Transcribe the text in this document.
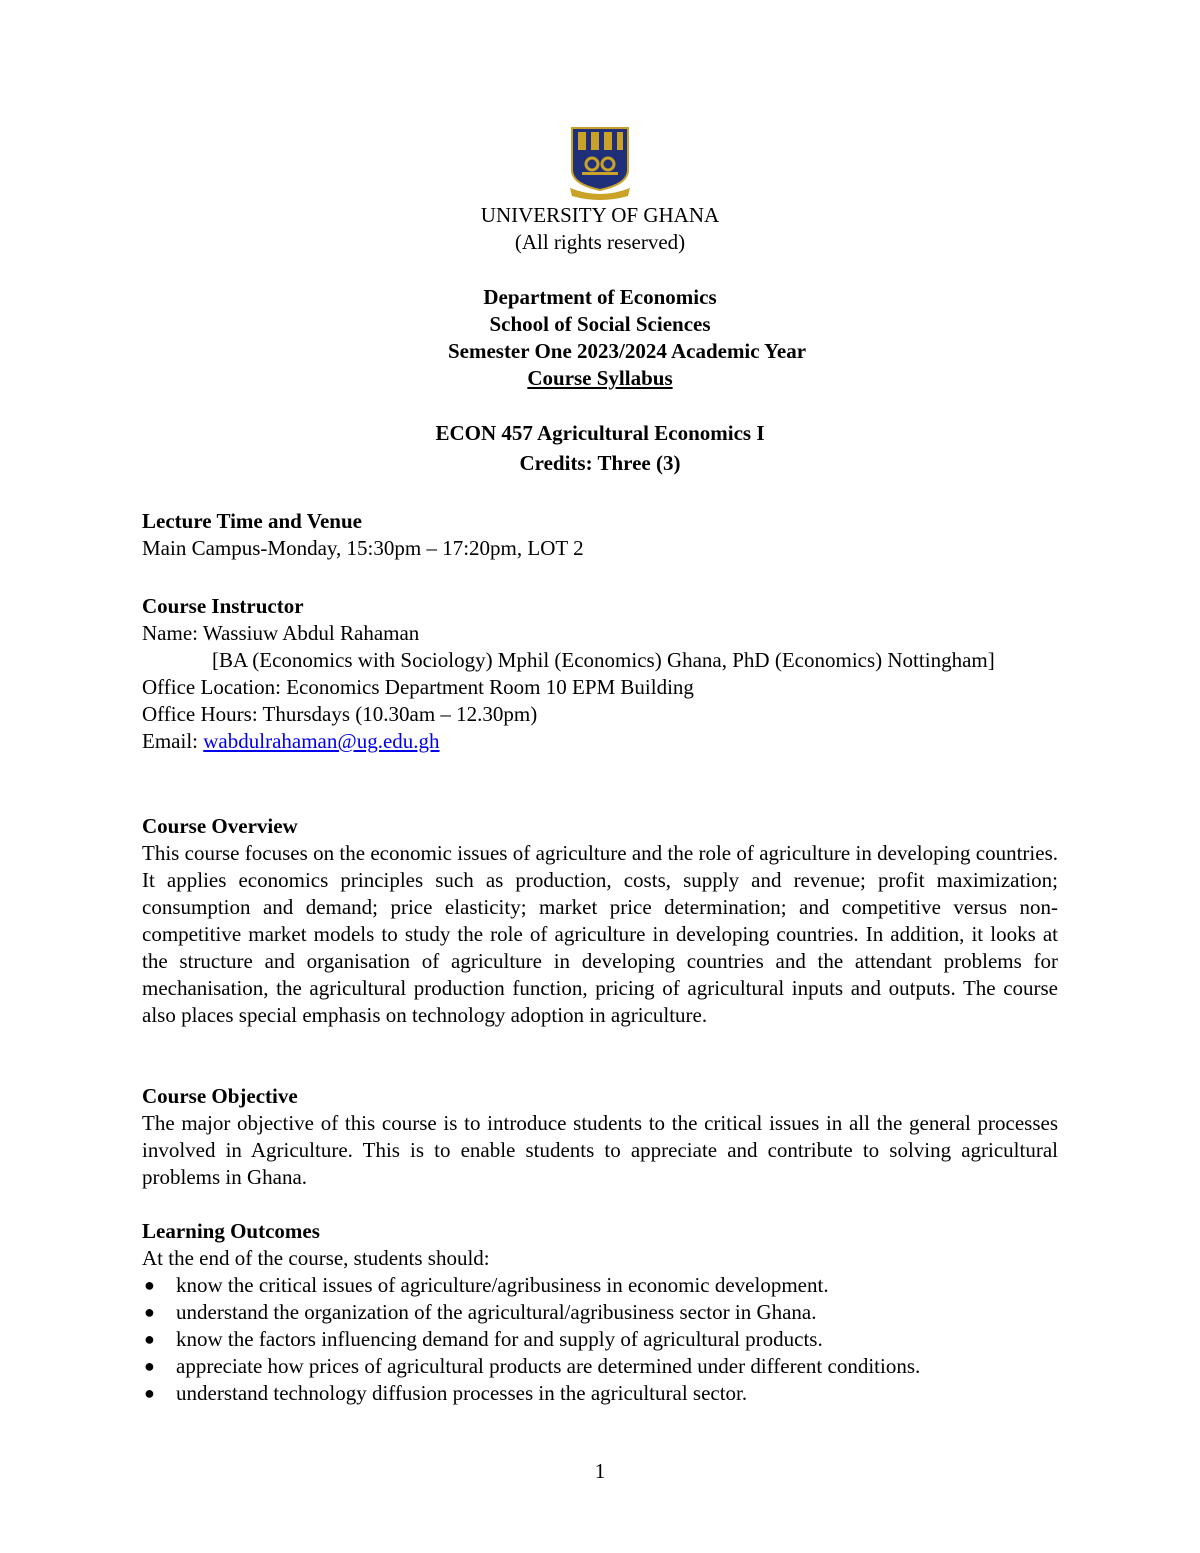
UNIVERSITY OF GHANA
(All rights reserved)
Department of Economics
School of Social Sciences
Semester One 2023/2024 Academic Year
Course Syllabus
ECON 457 Agricultural Economics I
Credits: Three (3)
Lecture Time and Venue
Main Campus-Monday, 15:30pm – 17:20pm, LOT 2
Course Instructor
Name: Wassiuw Abdul Rahaman
[BA (Economics with Sociology) Mphil (Economics) Ghana, PhD (Economics) Nottingham]
Office Location: Economics Department Room 10 EPM Building
Office Hours: Thursdays (10.30am – 12.30pm)
Email: wabdulrahaman@ug.edu.gh
Course Overview
This course focuses on the economic issues of agriculture and the role of agriculture in developing countries. It applies economics principles such as production, costs, supply and revenue; profit maximization; consumption and demand; price elasticity; market price determination; and competitive versus non-competitive market models to study the role of agriculture in developing countries. In addition, it looks at the structure and organisation of agriculture in developing countries and the attendant problems for mechanisation, the agricultural production function, pricing of agricultural inputs and outputs. The course also places special emphasis on technology adoption in agriculture.
Course Objective
The major objective of this course is to introduce students to the critical issues in all the general processes involved in Agriculture. This is to enable students to appreciate and contribute to solving agricultural problems in Ghana.
Learning Outcomes
At the end of the course, students should:
● know the critical issues of agriculture/agribusiness in economic development.
● understand the organization of the agricultural/agribusiness sector in Ghana.
● know the factors influencing demand for and supply of agricultural products.
● appreciate how prices of agricultural products are determined under different conditions.
● understand technology diffusion processes in the agricultural sector.
1
